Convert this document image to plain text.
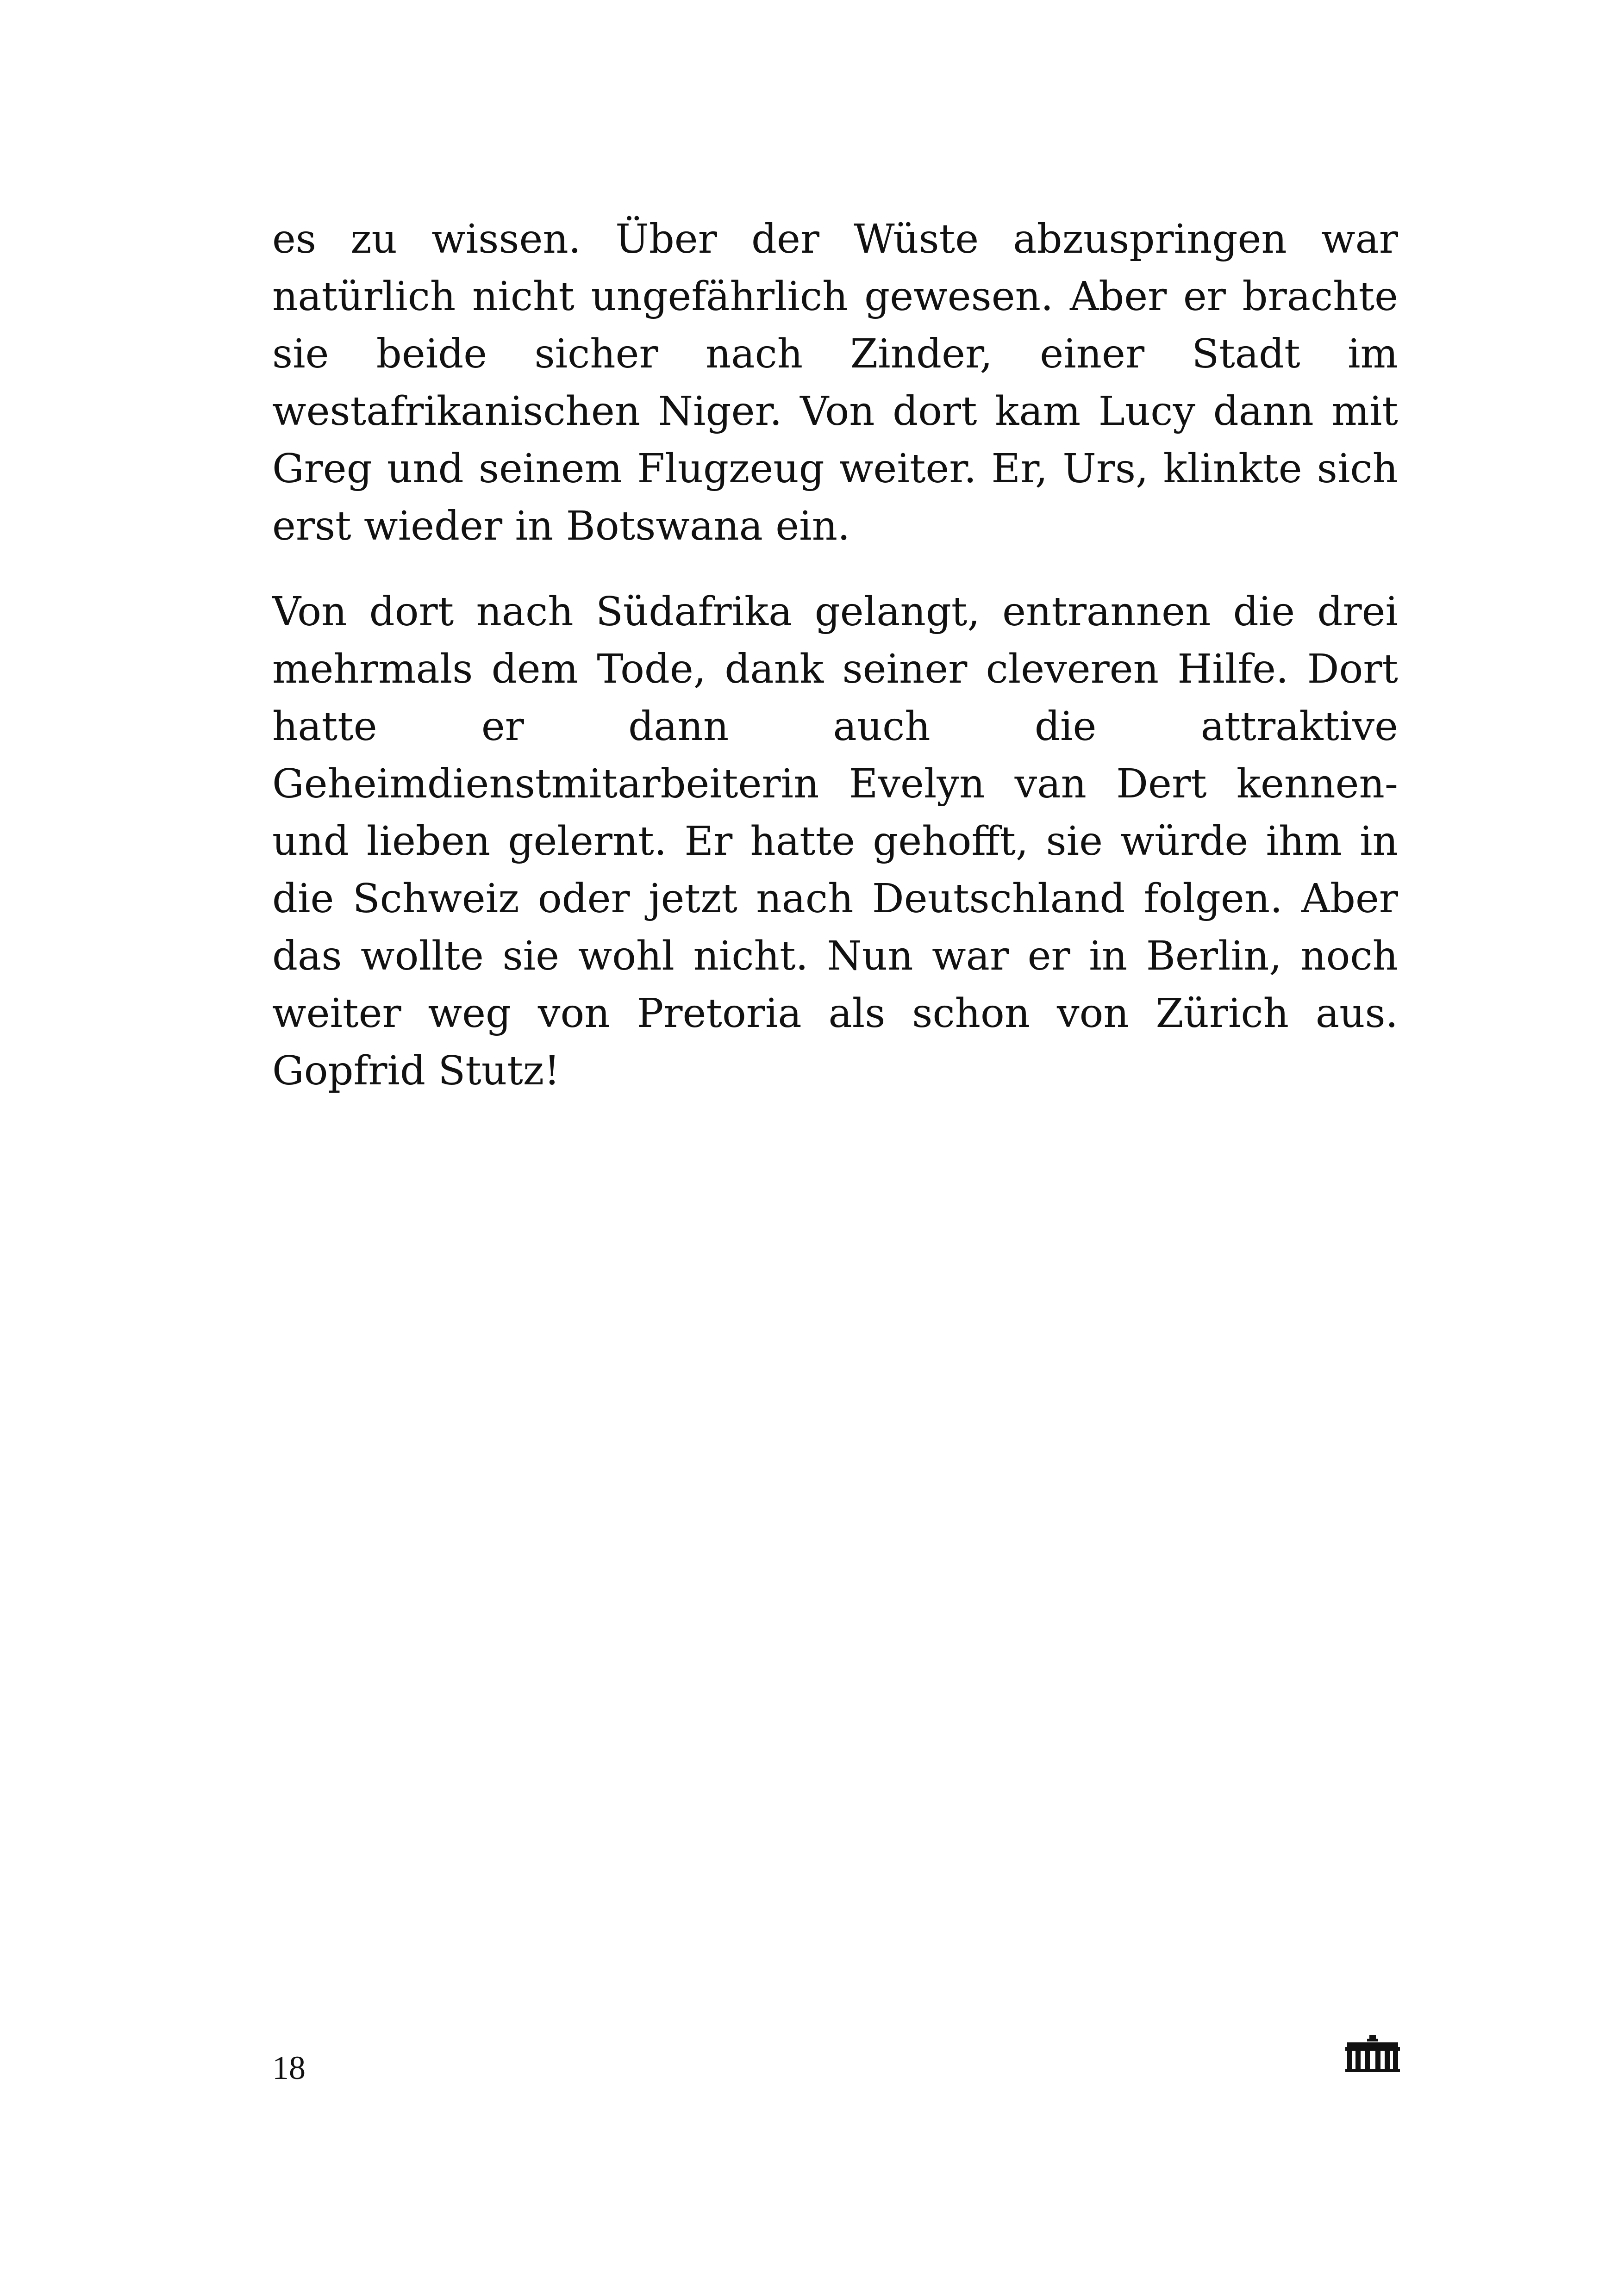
es zu wissen. Über der Wüste abzuspringen war natürlich nicht ungefährlich gewesen. Aber er brachte sie beide sicher nach Zinder, einer Stadt im westafrikanischen Niger. Von dort kam Lucy dann mit Greg und seinem Flugzeug weiter. Er, Urs, klinkte sich erst wieder in Botswana ein.

Von dort nach Südafrika gelangt, entrannen die drei mehrmals dem Tode, dank seiner cleveren Hilfe. Dort hatte er dann auch die attraktive Geheimdienstmitarbeiterin Evelyn van Dert kennen- und lieben gelernt. Er hatte gehofft, sie würde ihm in die Schweiz oder jetzt nach Deutschland folgen. Aber das wollte sie wohl nicht. Nun war er in Berlin, noch weiter weg von Pretoria als schon von Zürich aus. Gopfrid Stutz!

18
